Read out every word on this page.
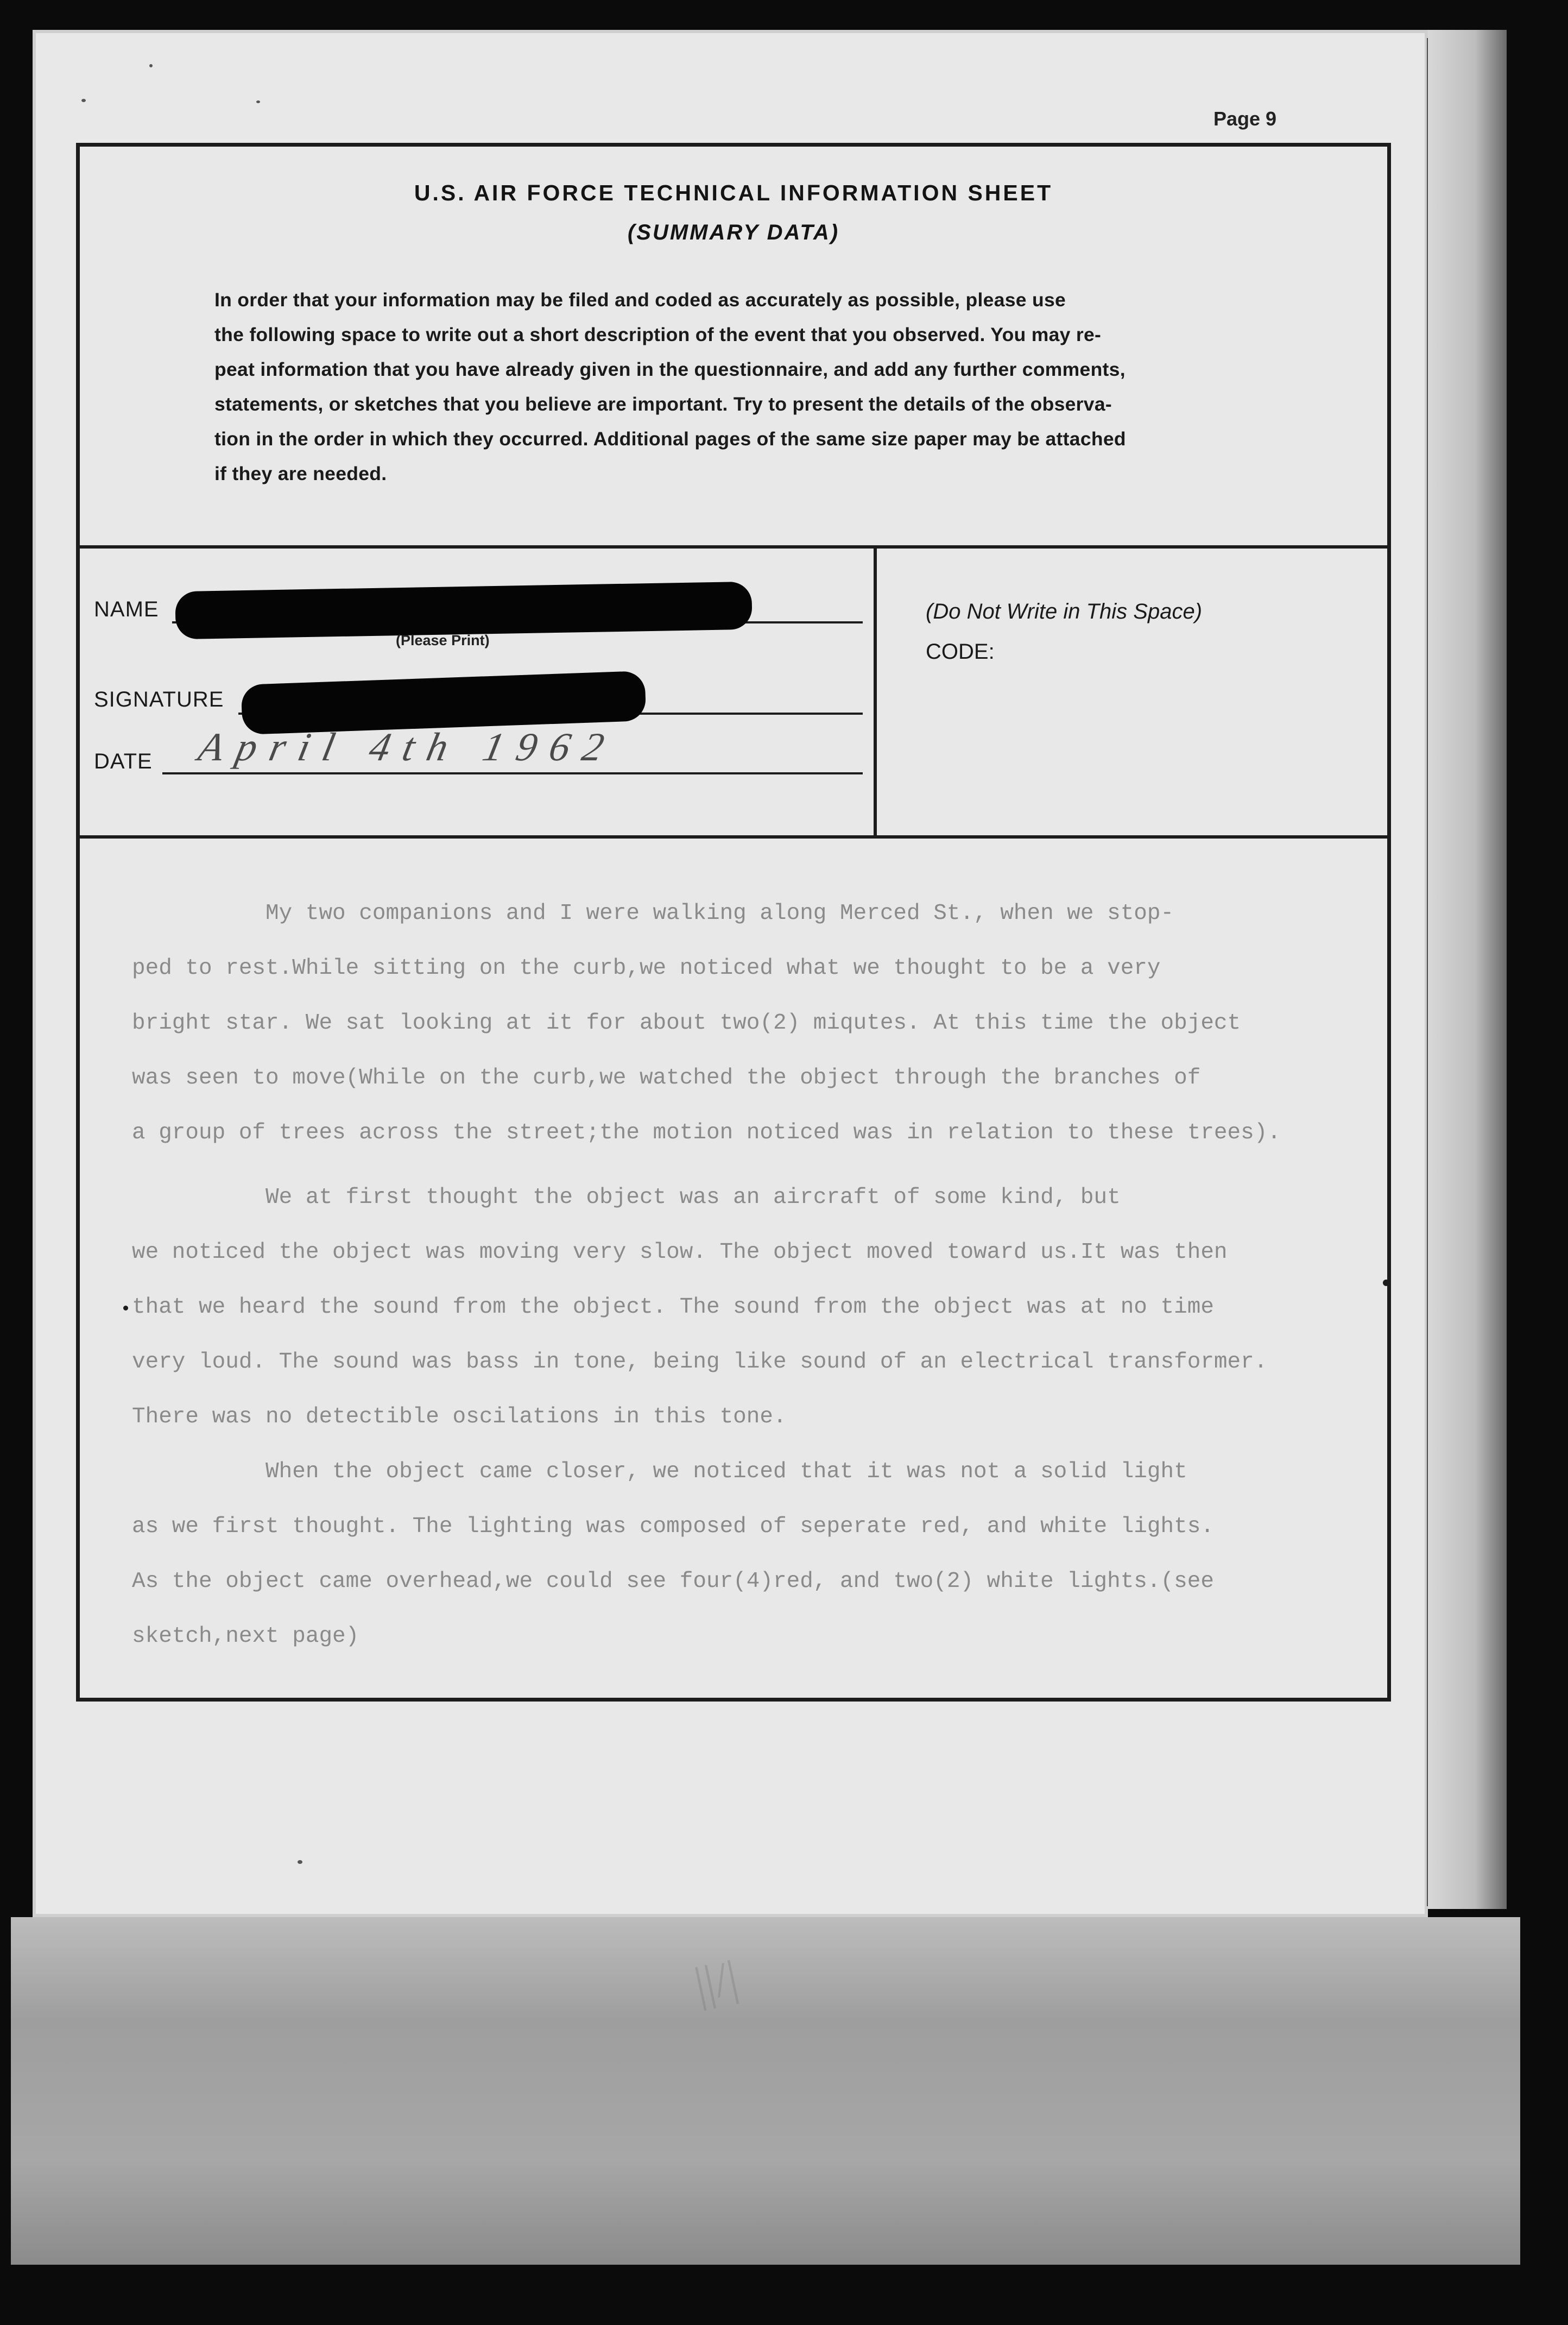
||/|
Page 9
U.S. AIR FORCE TECHNICAL INFORMATION SHEET
(SUMMARY DATA)
In order that your information may be filed and coded as accurately as possible, please use
the following space to write out a short description of the event that you observed. You may re-
peat information that you have already given in the questionnaire, and add any further comments,
statements, or sketches that you believe are important. Try to present the details of the observa-
tion in the order in which they occurred. Additional pages of the same size paper may be attached
if they are needed.
NAME
(Please Print)
SIGNATURE
DATE April 4th 1962
(Do Not Write in This Space)
CODE:
My two companions and I were walking along Merced St., when we stop-
ped to rest.While sitting on the curb,we noticed what we thought to be a very
bright star. We sat looking at it for about two(2) miqutes. At this time the object
was seen to move(While on the curb,we watched the object through the branches of
a group of trees across the street;the motion noticed was in relation to these trees).
We at first thought the object was an aircraft of some kind, but
we noticed the object was moving very slow. The object moved toward us.It was then
that we heard the sound from the object. The sound from the object was at no time
very loud. The sound was bass in tone, being like sound of an electrical transformer.
There was no detectible oscilations in this tone.
When the object came closer, we noticed that it was not a solid light
as we first thought. The lighting was composed of seperate red, and white lights.
As the object came overhead,we could see four(4)red, and two(2) white lights.(see
sketch,next page)
